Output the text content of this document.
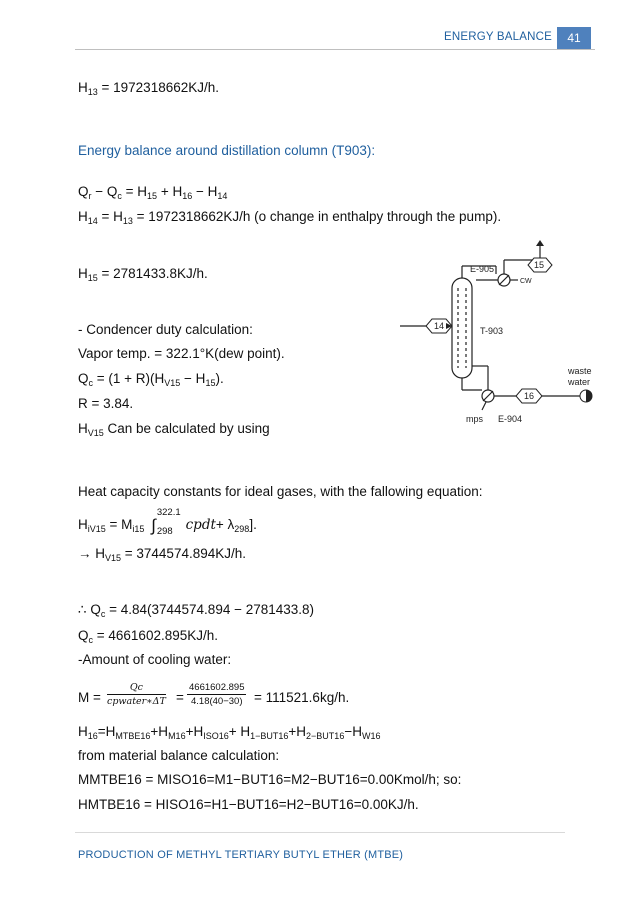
ENERGY BALANCE	41
$H_{13} = 1972318662KJ/h$.
Energy balance around distillation column (T903):
$Q_r - Q_c = H_{15} + H_{16} - H_{14}$
$H_{14} = H_{13} = 1972318662KJ/h$ (o change in enthalpy through the pump).
$H_{15} = 2781433.8KJ/h$.
- Condencer duty calculation:
Vapor temp. = 322.1°K(dew point).
$Q_c = (1 + R)(H_{V15} - H_{15})$.
R = 3.84.
$H_{V15}$ Can be calculated by using
Heat capacity constants for ideal gases, with the fallowing equation:
$H_{iV15} = M_{i15}$ ∫
322.1
298 cpdt+ $\lambda_{298}$].
→ $H_{V15} = 3744574.894KJ/h$.
∴ $Q_c = 4.84(3744574.894 - 2781433.8)$
$Q_c = 4661602.895KJ/h$.
-Amount of cooling water:
M =
Qc
cpwater∗ΔT = $\frac{4661602.895}{4.18(40-30)} = 111521.6kg/h$.
$H_{16}=H_{MTBE16}+H_{M16}+H_{ISO16}+ H_{1-BUT16}+H_{2-BUT16}-H_{W16}$
from material balance calculation:
MMTBE16 = MISO16=M1−BUT16=M2−BUT16=0.00Kmol/h; so:
HMTBE16 = HISO16=H1−BUT16=H2−BUT16=0.00KJ/h.
E-905	15
CW
14	T-903
waste
water
16
mps E-904
PRODUCTION OF METHYL TERTIARY BUTYL ETHER (MTBE)
